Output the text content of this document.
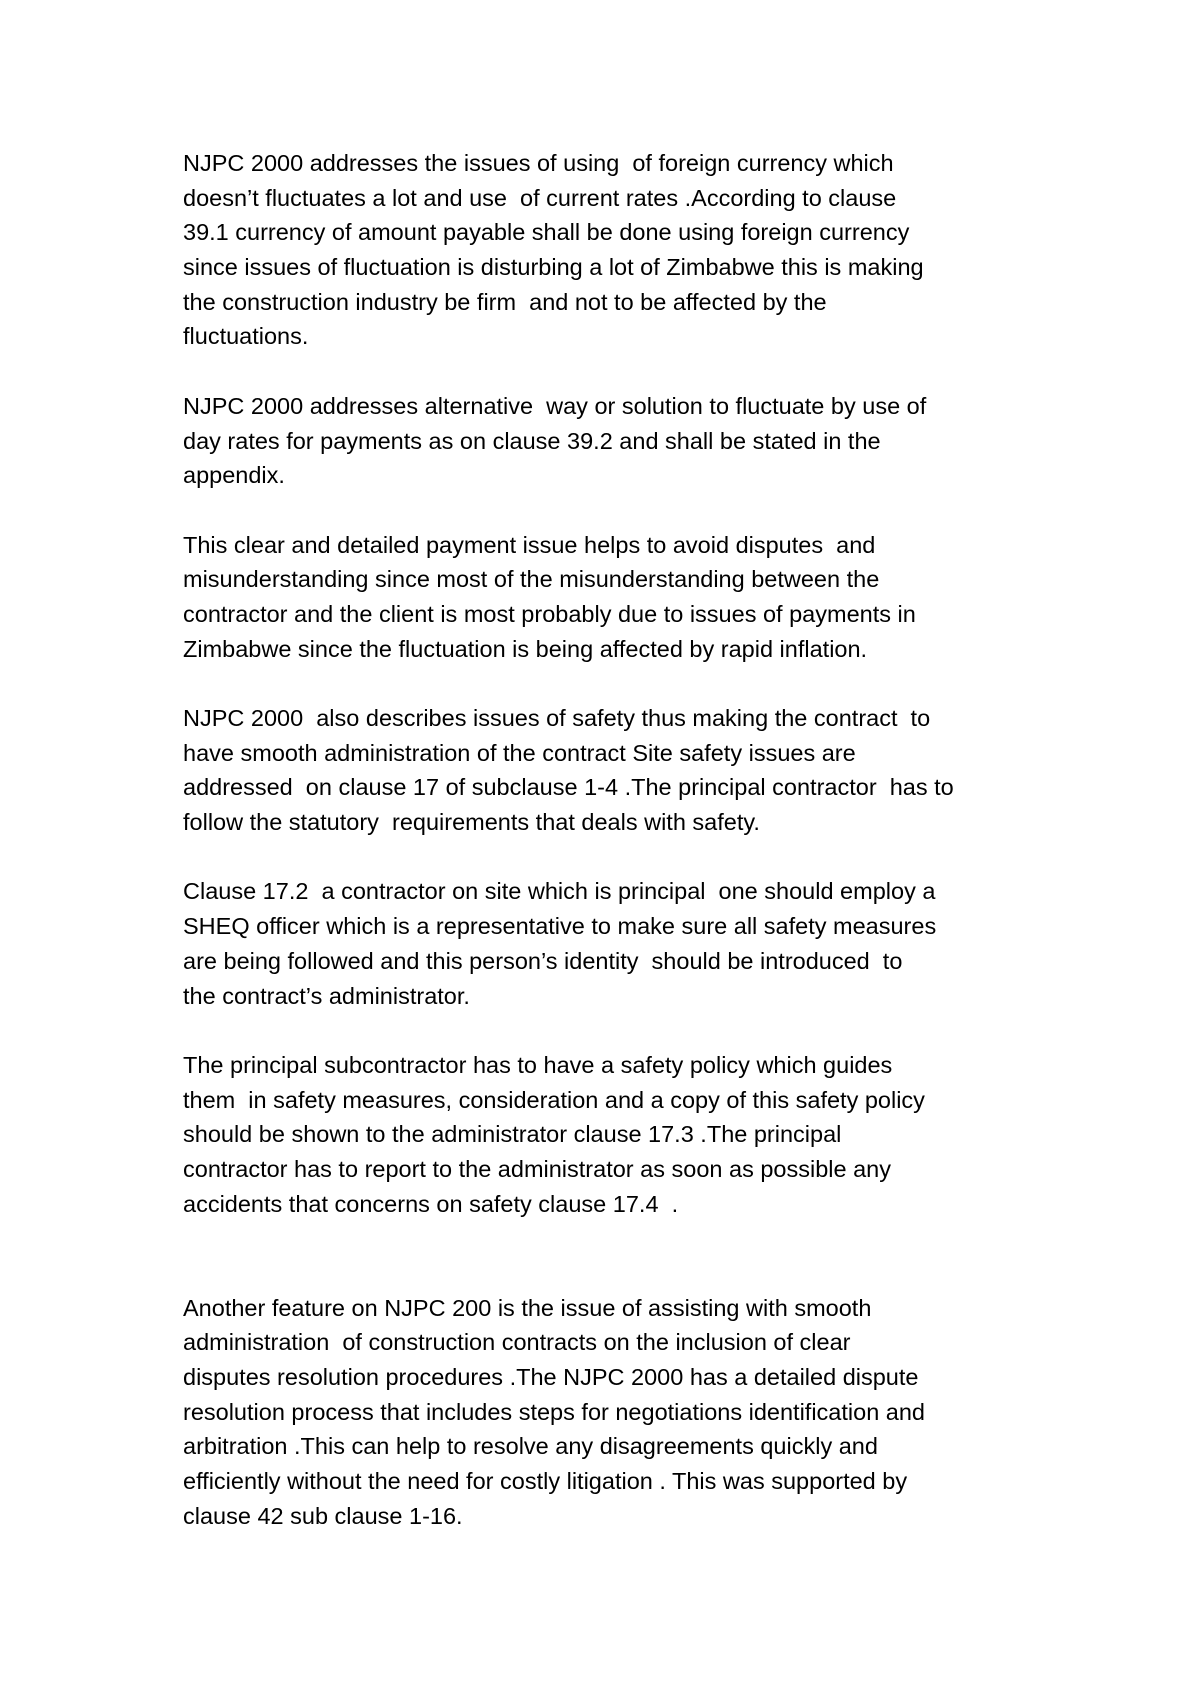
NJPC 2000 addresses the issues of using  of foreign currency which
doesn’t fluctuates a lot and use  of current rates .According to clause
39.1 currency of amount payable shall be done using foreign currency
since issues of fluctuation is disturbing a lot of Zimbabwe this is making
the construction industry be firm  and not to be affected by the
fluctuations.
NJPC 2000 addresses alternative  way or solution to fluctuate by use of
day rates for payments as on clause 39.2 and shall be stated in the
appendix.
This clear and detailed payment issue helps to avoid disputes  and
misunderstanding since most of the misunderstanding between the
contractor and the client is most probably due to issues of payments in
Zimbabwe since the fluctuation is being affected by rapid inflation.
NJPC 2000  also describes issues of safety thus making the contract  to
have smooth administration of the contract Site safety issues are
addressed  on clause 17 of subclause 1-4 .The principal contractor  has to
follow the statutory  requirements that deals with safety.
Clause 17.2  a contractor on site which is principal  one should employ a
SHEQ officer which is a representative to make sure all safety measures
are being followed and this person’s identity  should be introduced  to
the contract’s administrator.
The principal subcontractor has to have a safety policy which guides
them  in safety measures, consideration and a copy of this safety policy
should be shown to the administrator clause 17.3 .The principal
contractor has to report to the administrator as soon as possible any
accidents that concerns on safety clause 17.4  .
Another feature on NJPC 200 is the issue of assisting with smooth
administration  of construction contracts on the inclusion of clear
disputes resolution procedures .The NJPC 2000 has a detailed dispute
resolution process that includes steps for negotiations identification and
arbitration .This can help to resolve any disagreements quickly and
efficiently without the need for costly litigation . This was supported by
clause 42 sub clause 1-16.
